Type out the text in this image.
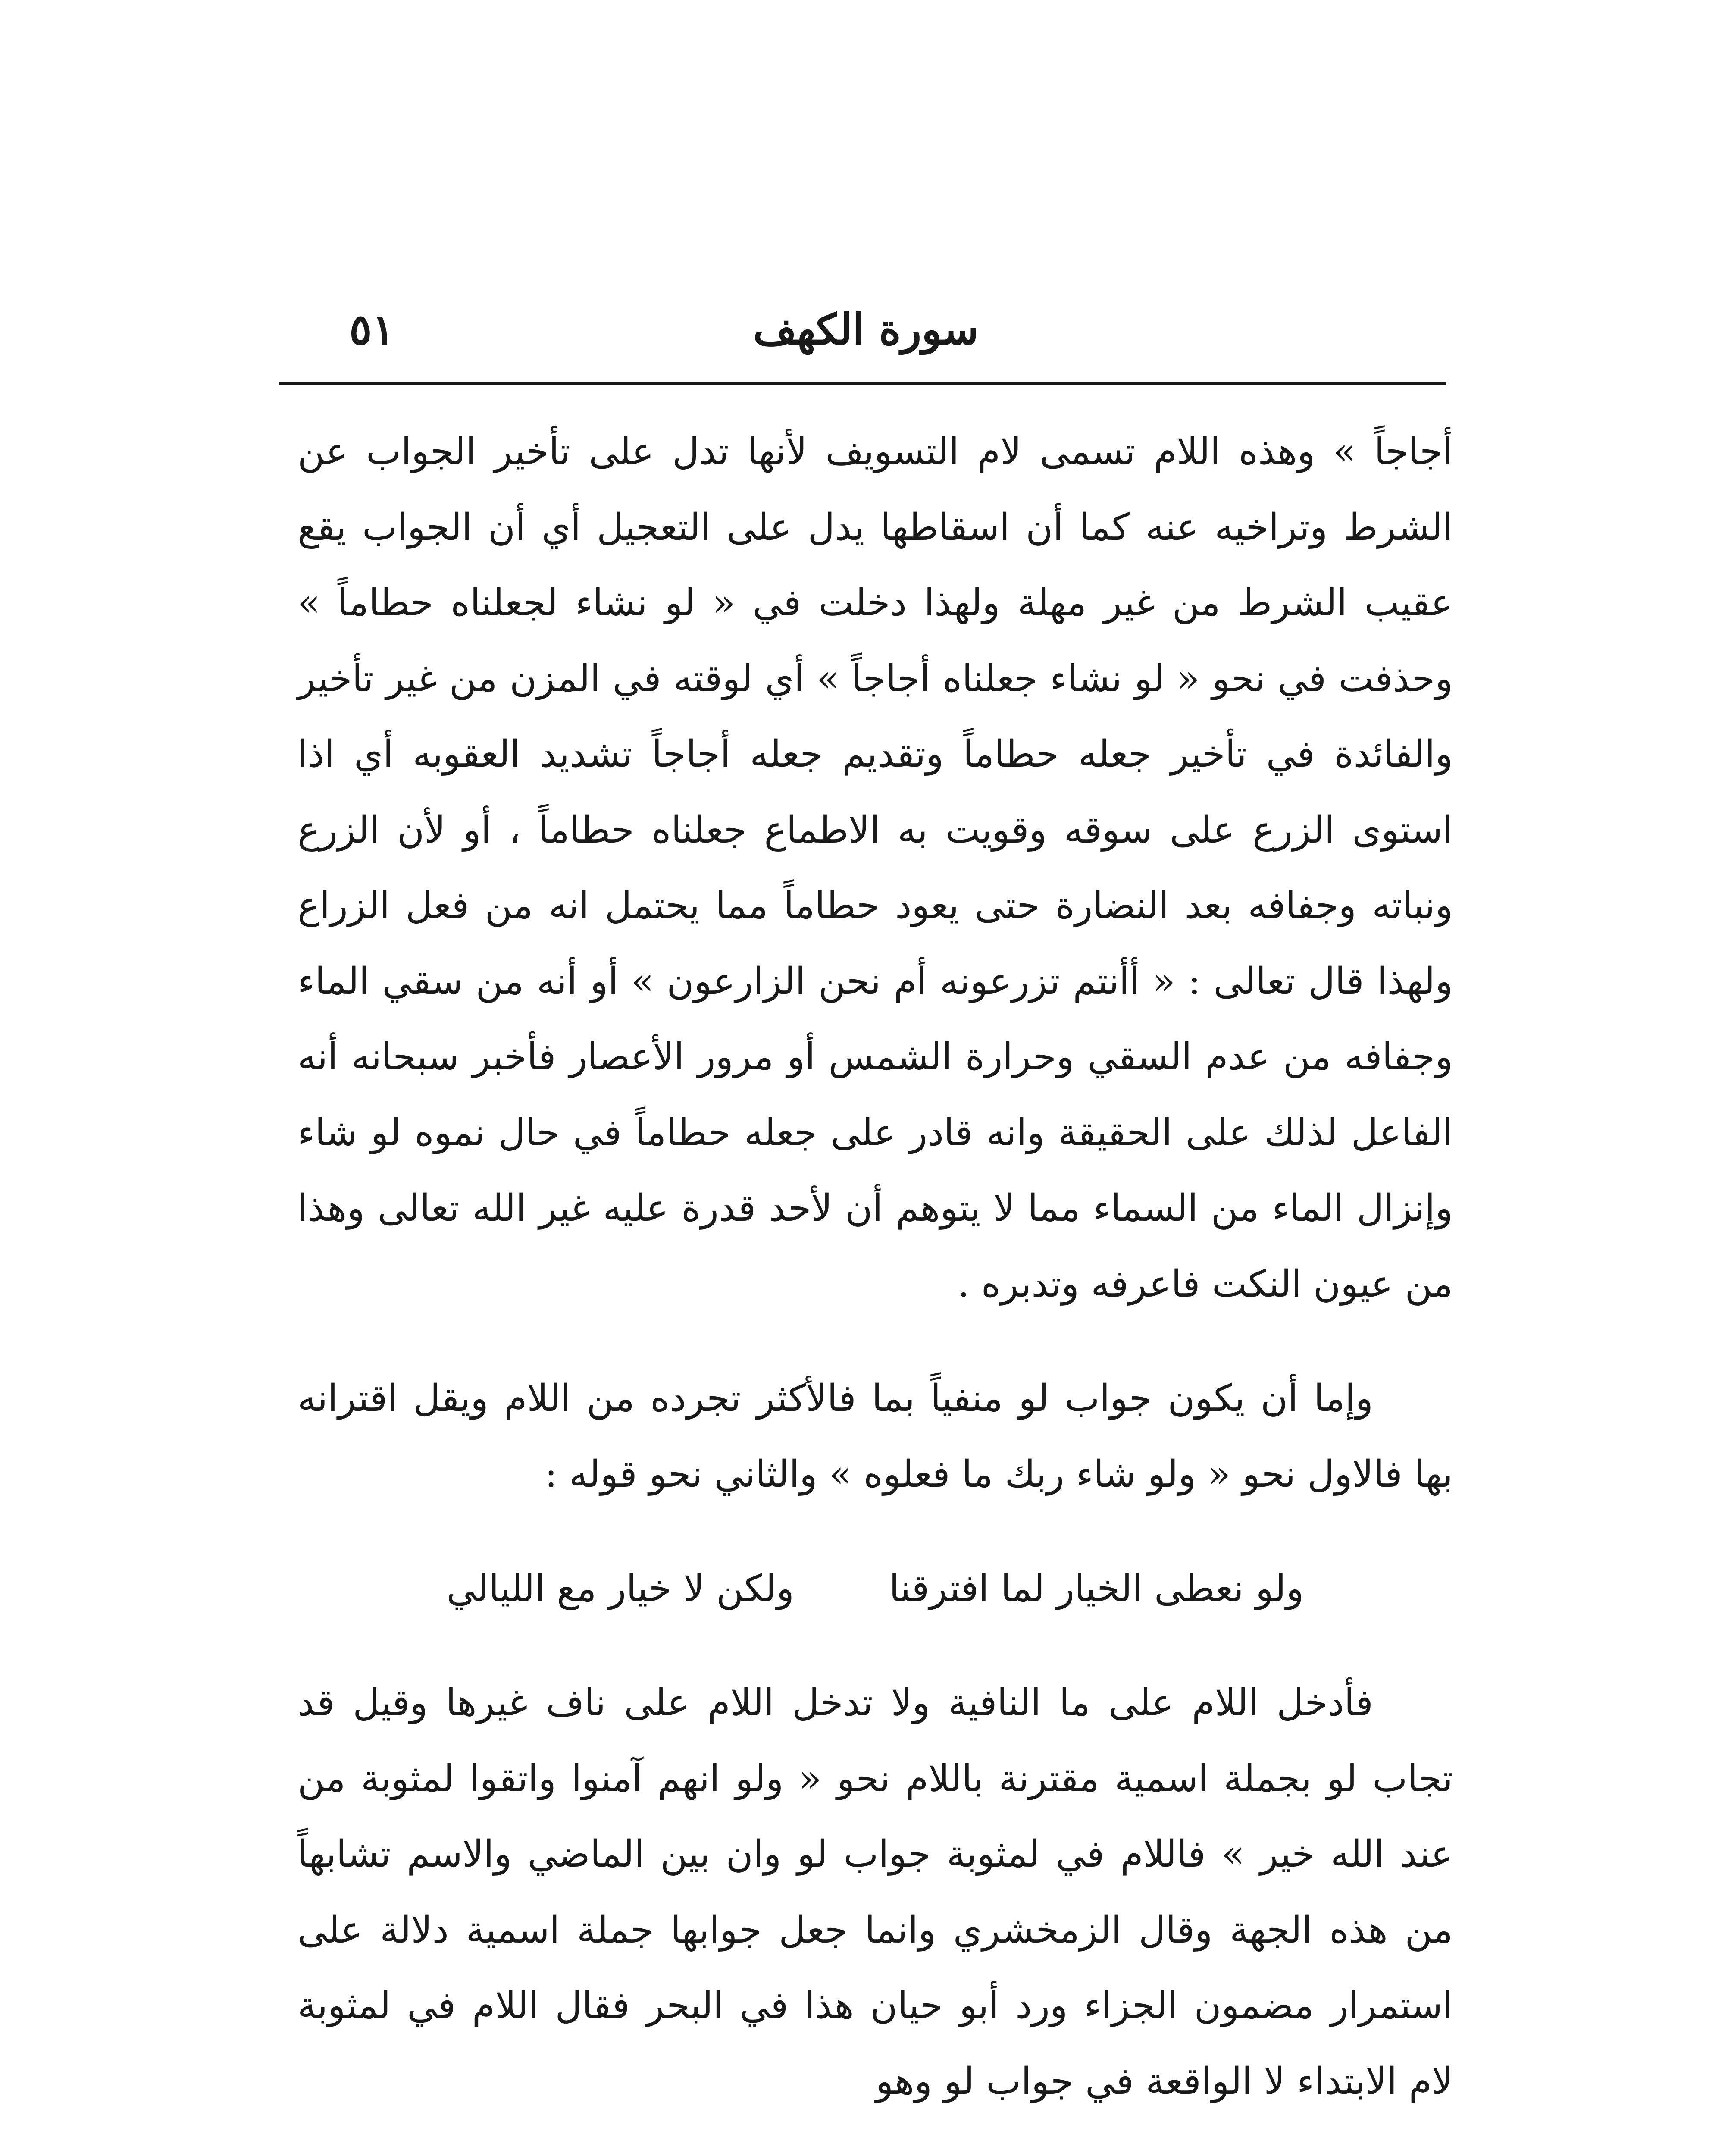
سورة الكهف
٥١

أجاجاً » وهذه اللام تسمى لام التسويف لأنها تدل على تأخير الجواب عن الشرط وتراخيه عنه كما أن اسقاطها يدل على التعجيل أي أن الجواب يقع عقيب الشرط من غير مهلة ولهذا دخلت في « لو نشاء لجعلناه حطاماً » وحذفت في نحو « لو نشاء جعلناه أجاجاً » أي لوقته في المزن من غير تأخير والفائدة في تأخير جعله حطاماً وتقديم جعله أجاجاً تشديد العقوبه أي اذا استوى الزرع على سوقه وقويت به الاطماع جعلناه حطاماً ، أو لأن الزرع ونباته وجفافه بعد النضارة حتى يعود حطاماً مما يحتمل انه من فعل الزراع ولهذا قال تعالى : « أأنتم تزرعونه أم نحن الزارعون » أو أنه من سقي الماء وجفافه من عدم السقي وحرارة الشمس أو مرور الأعصار فأخبر سبحانه أنه الفاعل لذلك على الحقيقة وانه قادر على جعله حطاماً في حال نموه لو شاء وإنزال الماء من السماء مما لا يتوهم أن لأحد قدرة عليه غير الله تعالى وهذا من عيون النكت فاعرفه وتدبره .

وإما أن يكون جواب لو منفياً بما فالأكثر تجرده من اللام ويقل اقترانه بها فالاول نحو « ولو شاء ربك ما فعلوه » والثاني نحو قوله :

ولو نعطى الخيار لما افترقنا
ولكن لا خيار مع الليالي

فأدخل اللام على ما النافية ولا تدخل اللام على ناف غيرها وقيل قد تجاب لو بجملة اسمية مقترنة باللام نحو « ولو انهم آمنوا واتقوا لمثوبة من عند الله خير » فاللام في لمثوبة جواب لو وان بين الماضي والاسم تشابهاً من هذه الجهة وقال الزمخشري وانما جعل جوابها جملة اسمية دلالة على استمرار مضمون الجزاء ورد أبو حيان هذا في البحر فقال اللام في لمثوبة لام الابتداء لا الواقعة في جواب لو وهو
